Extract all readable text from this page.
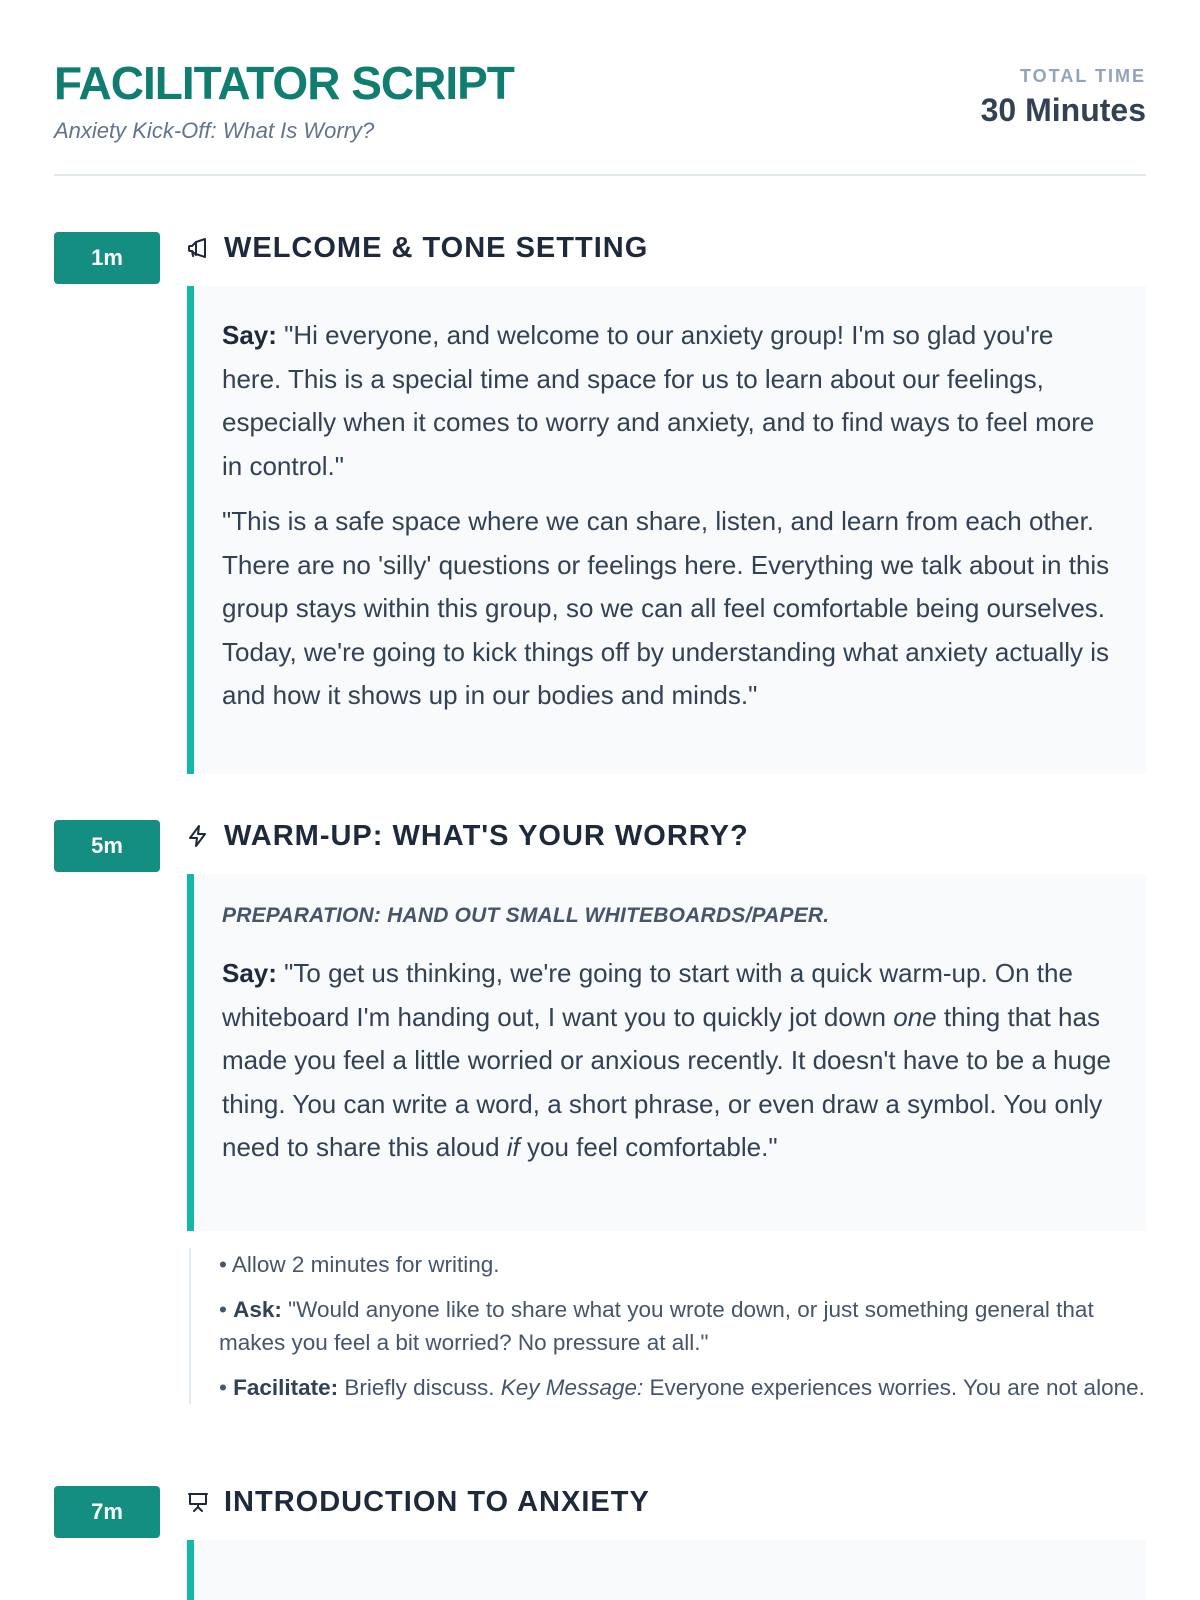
FACILITATOR SCRIPT
Anxiety Kick-Off: What Is Worry?
TOTAL TIME
30 Minutes
1m	WELCOME & TONE SETTING

Say: "Hi everyone, and welcome to our anxiety group! I'm so glad you're here. This is a special time and space for us to learn about our feelings, especially when it comes to worry and anxiety, and to find ways to feel more in control."

"This is a safe space where we can share, listen, and learn from each other. There are no 'silly' questions or feelings here. Everything we talk about in this group stays within this group, so we can all feel comfortable being ourselves. Today, we're going to kick things off by understanding what anxiety actually is and how it shows up in our bodies and minds."

5m	WARM-UP: WHAT'S YOUR WORRY?
PREPARATION: HAND OUT SMALL WHITEBOARDS/PAPER.

Say: "To get us thinking, we're going to start with a quick warm-up. On the whiteboard I'm handing out, I want you to quickly jot down one thing that has made you feel a little worried or anxious recently. It doesn't have to be a huge thing. You can write a word, a short phrase, or even draw a symbol. You only need to share this aloud if you feel comfortable."

• Allow 2 minutes for writing.
• Ask: "Would anyone like to share what you wrote down, or just something general that makes you feel a bit worried? No pressure at all."
• Facilitate: Briefly discuss. Key Message: Everyone experiences worries. You are not alone.
7m	INTRODUCTION TO ANXIETY
